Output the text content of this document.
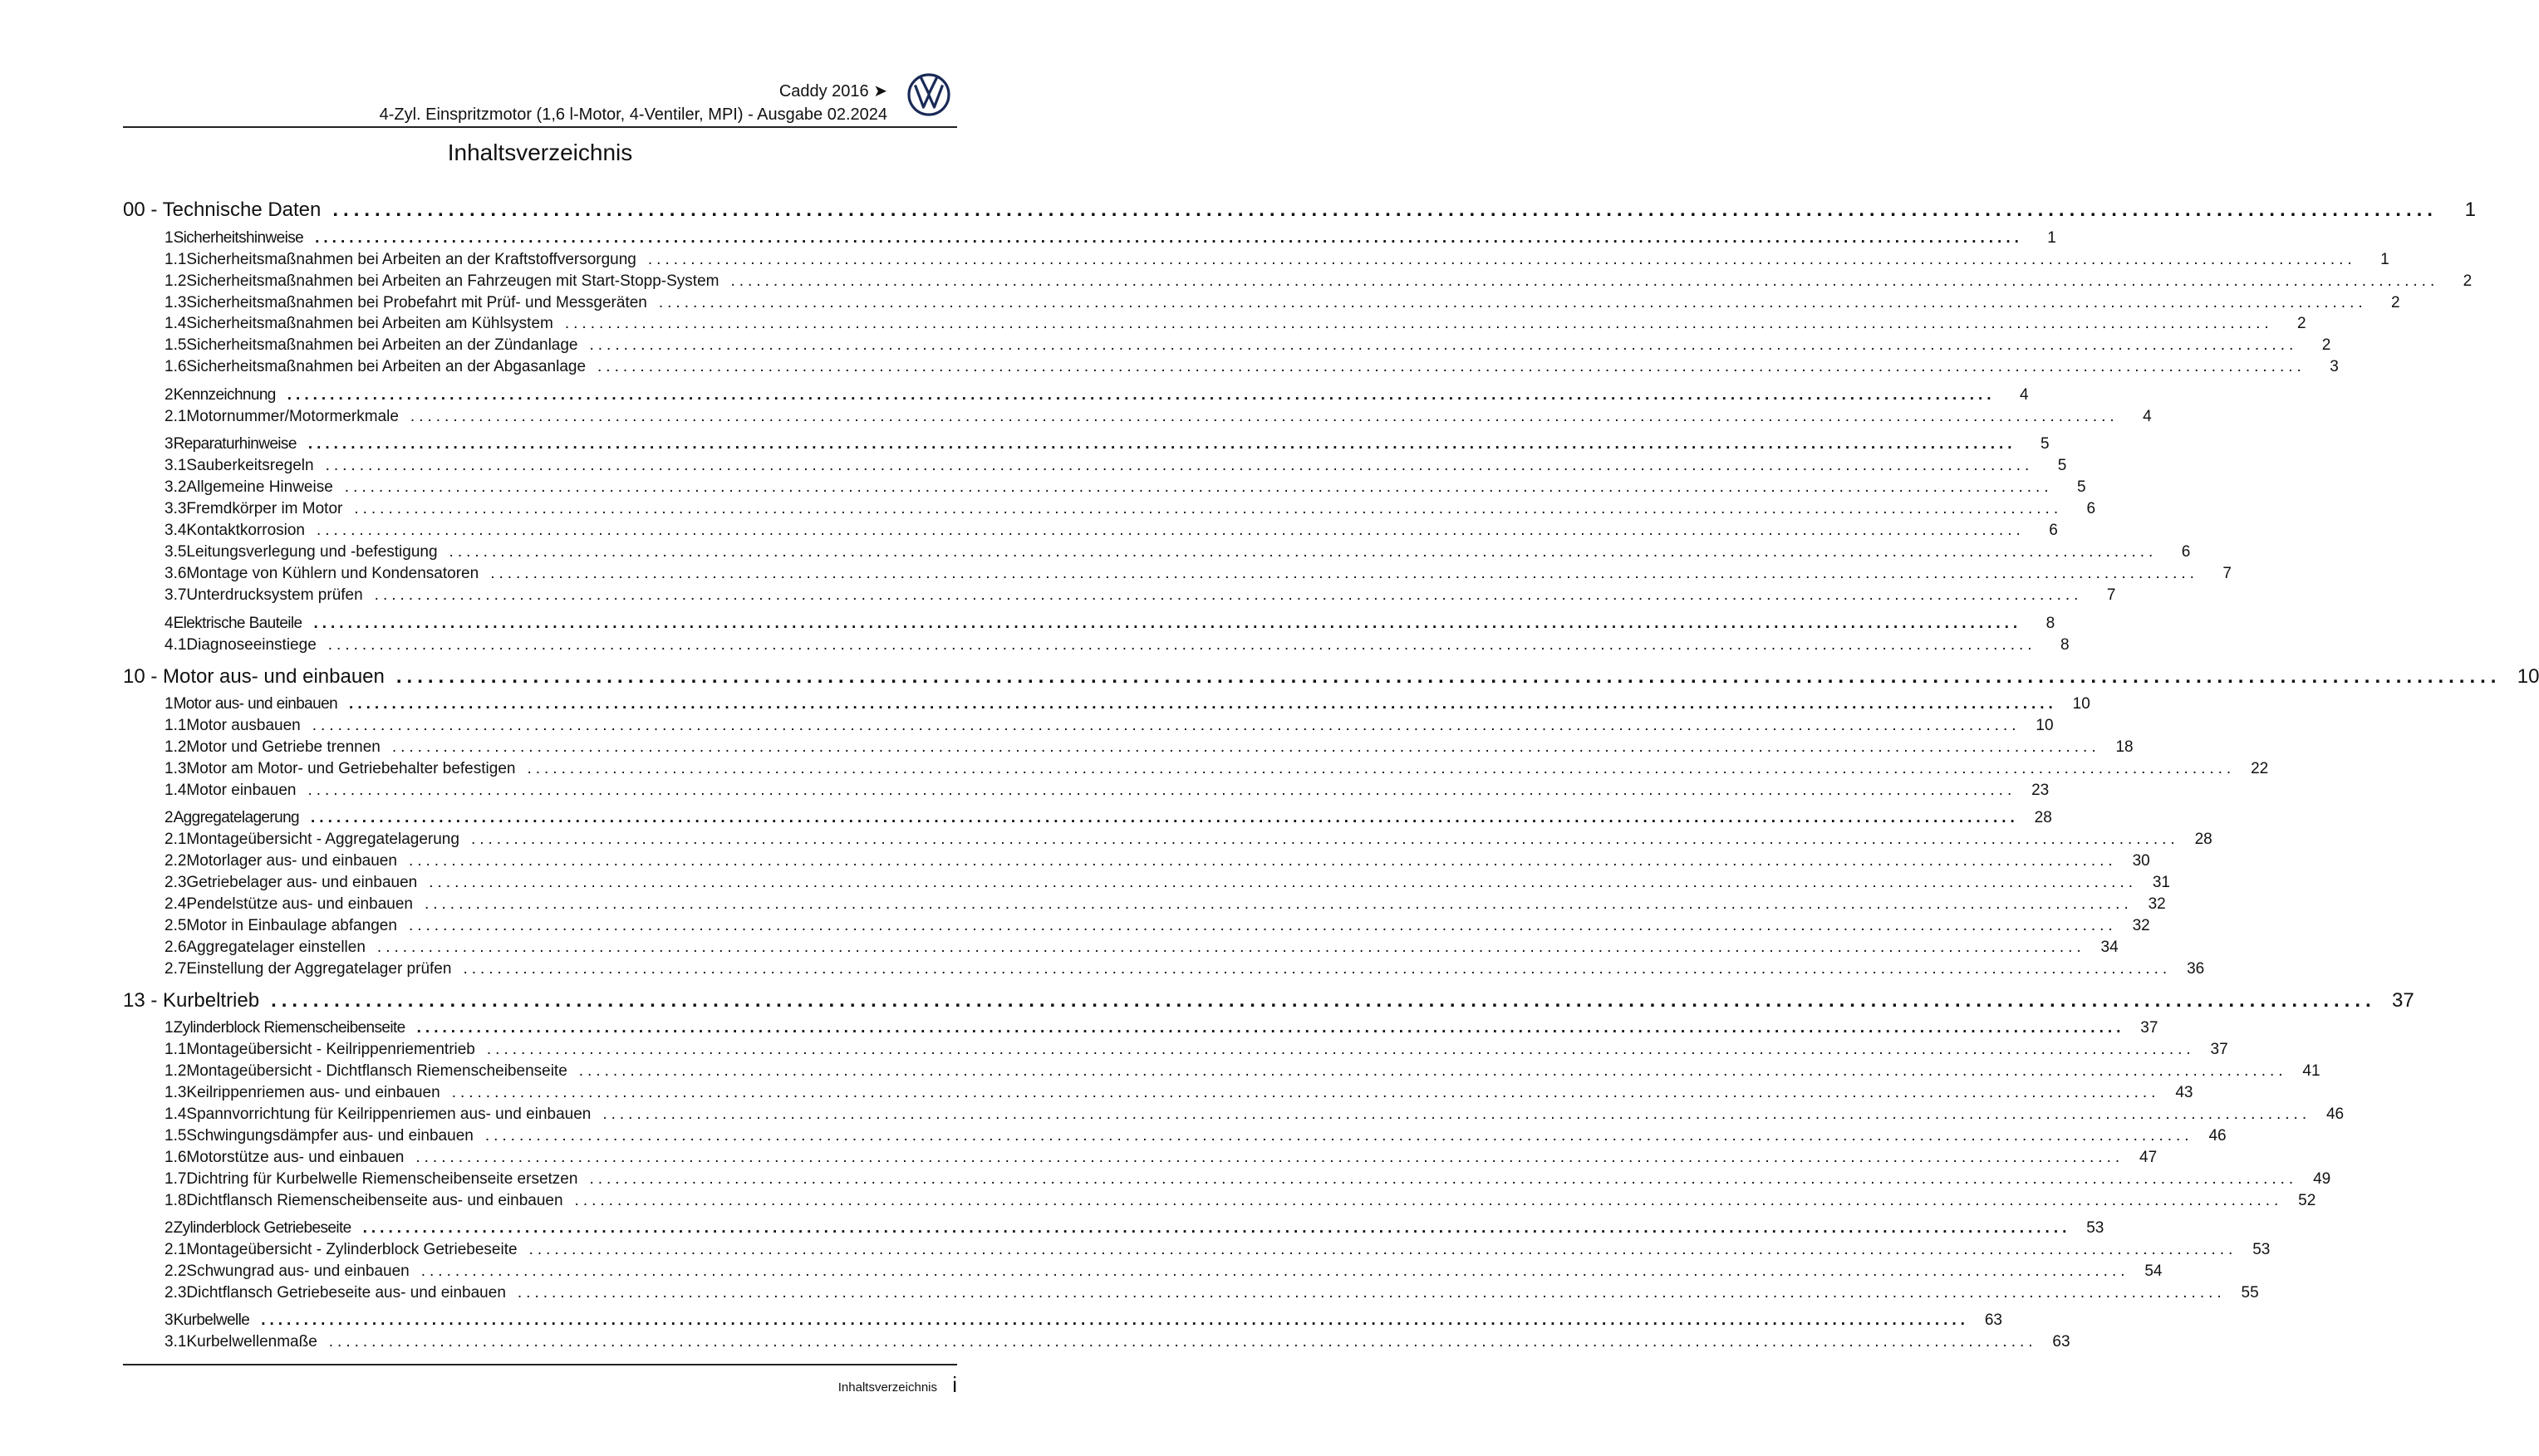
Caddy 2016 ➤
4-Zyl. Einspritzmotor (1,6 l-Motor, 4-Ventiler, MPI) - Ausgabe 02.2024
Inhaltsverzeichnis
00 - Technische Daten ........................................................................................................................................................................................................	1
1 Sicherheitshinweise ........................................................................................................................................................................................................	1
1.1 Sicherheitsmaßnahmen bei Arbeiten an der Kraftstoffversorgung ........................................................................................................................................................................................................	1
1.2 Sicherheitsmaßnahmen bei Arbeiten an Fahrzeugen mit Start-Stopp-System ........................................................................................................................................................................................................	2
1.3 Sicherheitsmaßnahmen bei Probefahrt mit Prüf- und Messgeräten ........................................................................................................................................................................................................	2
1.4 Sicherheitsmaßnahmen bei Arbeiten am Kühlsystem ........................................................................................................................................................................................................	2
1.5 Sicherheitsmaßnahmen bei Arbeiten an der Zündanlage ........................................................................................................................................................................................................	2
1.6 Sicherheitsmaßnahmen bei Arbeiten an der Abgasanlage ........................................................................................................................................................................................................	3
2 Kennzeichnung ........................................................................................................................................................................................................	4
2.1 Motornummer/Motormerkmale ........................................................................................................................................................................................................	4
3 Reparaturhinweise ........................................................................................................................................................................................................	5
3.1 Sauberkeitsregeln ........................................................................................................................................................................................................	5
3.2 Allgemeine Hinweise ........................................................................................................................................................................................................	5
3.3 Fremdkörper im Motor ........................................................................................................................................................................................................	6
3.4 Kontaktkorrosion ........................................................................................................................................................................................................	6
3.5 Leitungsverlegung und -befestigung ........................................................................................................................................................................................................	6
3.6 Montage von Kühlern und Kondensatoren ........................................................................................................................................................................................................	7
3.7 Unterdrucksystem prüfen ........................................................................................................................................................................................................	7
4 Elektrische Bauteile ........................................................................................................................................................................................................	8
4.1 Diagnoseeinstiege ........................................................................................................................................................................................................	8
10 - Motor aus- und einbauen ........................................................................................................................................................................................................ 10
1 Motor aus- und einbauen ........................................................................................................................................................................................................ 10
1.1 Motor ausbauen ........................................................................................................................................................................................................ 10
1.2 Motor und Getriebe trennen ........................................................................................................................................................................................................ 18
1.3 Motor am Motor- und Getriebehalter befestigen ........................................................................................................................................................................................................ 22
1.4 Motor einbauen ........................................................................................................................................................................................................ 23
2 Aggregatelagerung ........................................................................................................................................................................................................ 28
2.1 Montageübersicht - Aggregatelagerung ........................................................................................................................................................................................................ 28
2.2 Motorlager aus- und einbauen ........................................................................................................................................................................................................ 30
2.3 Getriebelager aus- und einbauen ........................................................................................................................................................................................................ 31
2.4 Pendelstütze aus- und einbauen ........................................................................................................................................................................................................ 32
2.5 Motor in Einbaulage abfangen ........................................................................................................................................................................................................ 32
2.6 Aggregatelager einstellen ........................................................................................................................................................................................................ 34
2.7 Einstellung der Aggregatelager prüfen ........................................................................................................................................................................................................ 36
13 - Kurbeltrieb ........................................................................................................................................................................................................ 37
1 Zylinderblock Riemenscheibenseite ........................................................................................................................................................................................................ 37
1.1 Montageübersicht - Keilrippenriementrieb ........................................................................................................................................................................................................ 37
1.2 Montageübersicht - Dichtflansch Riemenscheibenseite ........................................................................................................................................................................................................ 41
1.3 Keilrippenriemen aus- und einbauen ........................................................................................................................................................................................................ 43
1.4 Spannvorrichtung für Keilrippenriemen aus- und einbauen ........................................................................................................................................................................................................ 46
1.5 Schwingungsdämpfer aus- und einbauen ........................................................................................................................................................................................................ 46
1.6 Motorstütze aus- und einbauen ........................................................................................................................................................................................................ 47
1.7 Dichtring für Kurbelwelle Riemenscheibenseite ersetzen ........................................................................................................................................................................................................ 49
1.8 Dichtflansch Riemenscheibenseite aus- und einbauen ........................................................................................................................................................................................................ 52
2 Zylinderblock Getriebeseite ........................................................................................................................................................................................................ 53
2.1 Montageübersicht - Zylinderblock Getriebeseite ........................................................................................................................................................................................................ 53
2.2 Schwungrad aus- und einbauen ........................................................................................................................................................................................................ 54
2.3 Dichtflansch Getriebeseite aus- und einbauen ........................................................................................................................................................................................................ 55
3 Kurbelwelle ........................................................................................................................................................................................................ 63
3.1 Kurbelwellenmaße ........................................................................................................................................................................................................ 63
Inhaltsverzeichnis i
